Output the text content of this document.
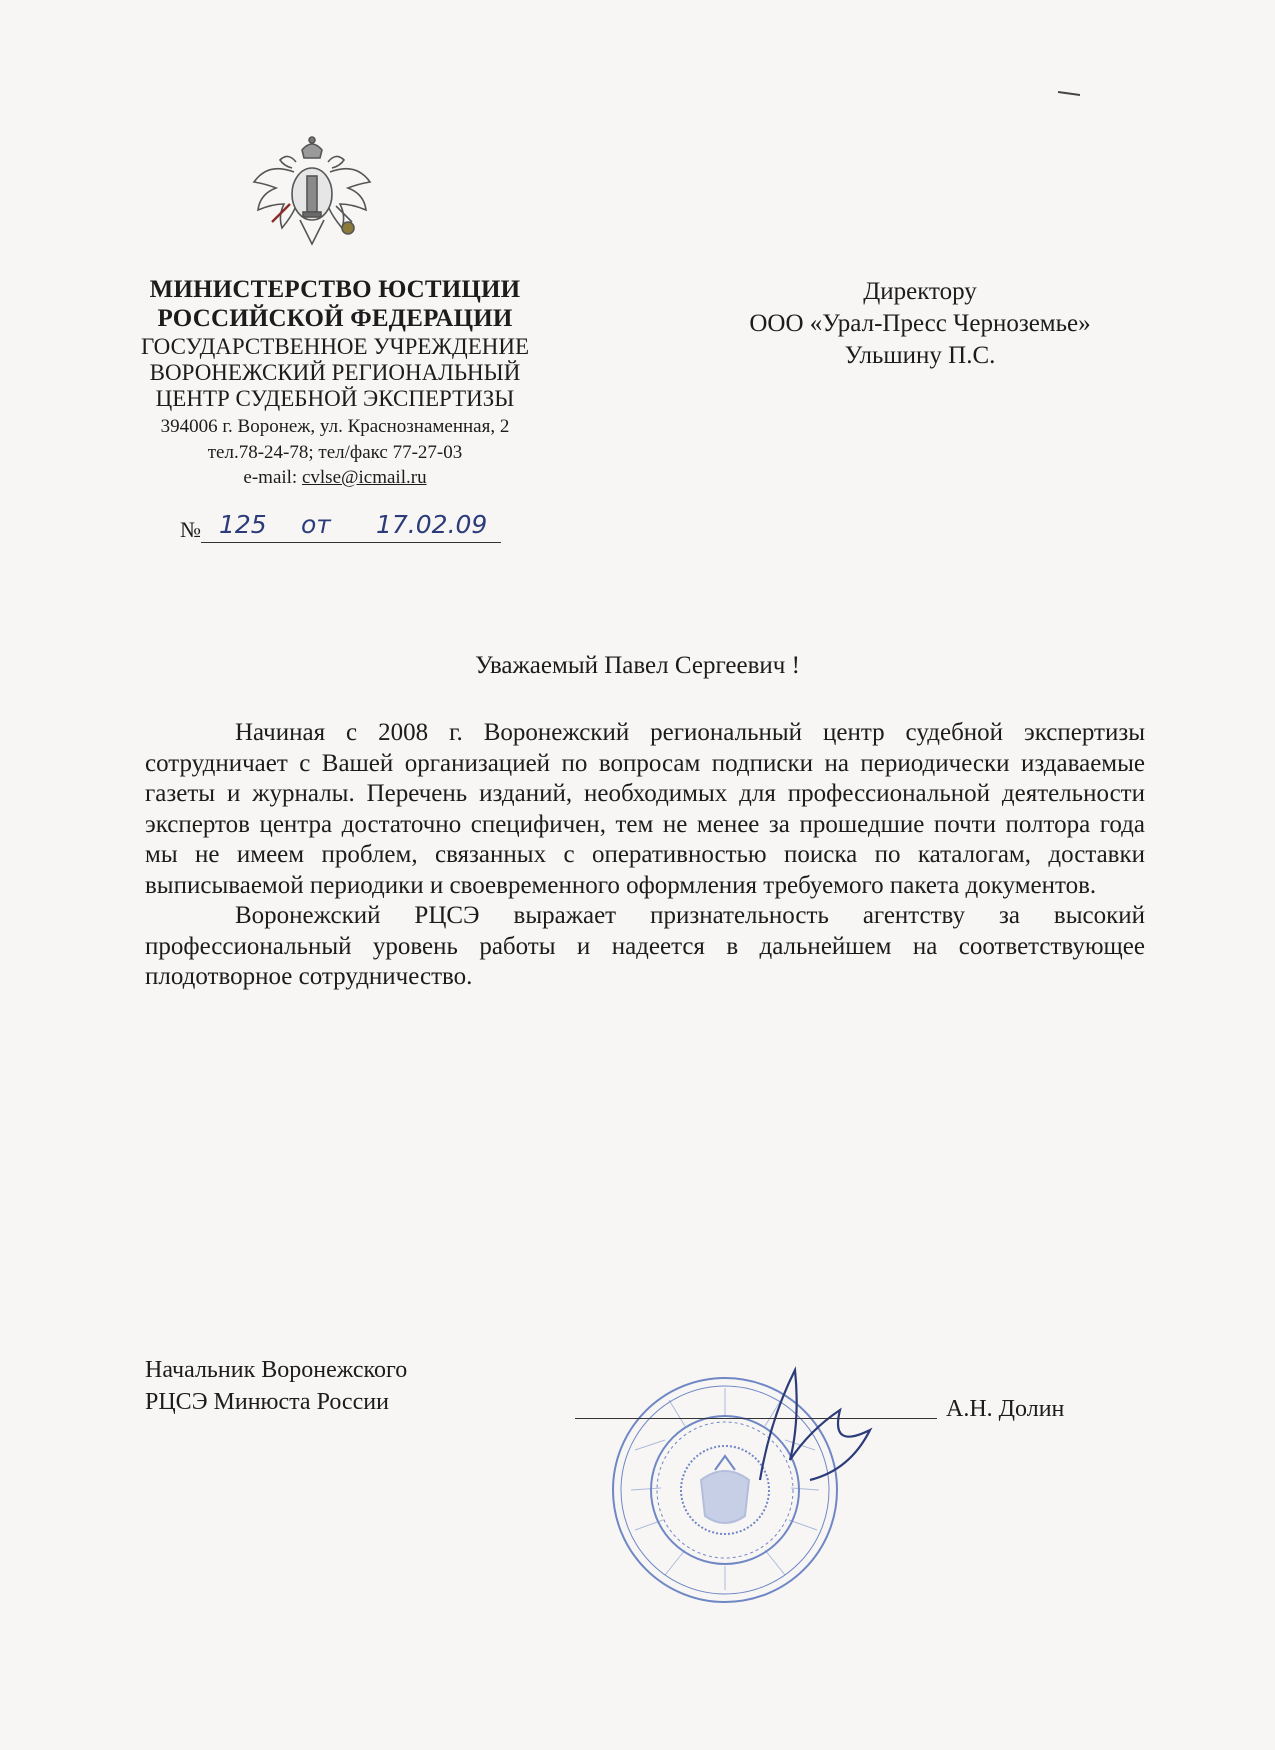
МИНИСТЕРСТВО ЮСТИЦИИ
РОССИЙСКОЙ ФЕДЕРАЦИИ
ГОСУДАРСТВЕННОЕ УЧРЕЖДЕНИЕ
ВОРОНЕЖСКИЙ РЕГИОНАЛЬНЫЙ
ЦЕНТР СУДЕБНОЙ ЭКСПЕРТИЗЫ
394006 г. Воронеж, ул. Краснознаменная, 2
тел.78-24-78; тел/факс 77-27-03
e-mail: cvlse@icmail.ru
№ 125 от 17.02.09
Директору
ООО «Урал-Пресс Черноземье»
Ульшину П.С.
Уважаемый Павел Сергеевич !

Начиная с 2008 г. Воронежский региональный центр судебной экспертизы сотрудничает с Вашей организацией по вопросам подписки на периодически издаваемые газеты и журналы. Перечень изданий, необходимых для профессиональной деятельности экспертов центра достаточно специфичен, тем не менее за прошедшие почти полтора года мы не имеем проблем, связанных с оперативностью поиска по каталогам, доставки выписываемой периодики и своевременного оформления требуемого пакета документов.

Воронежский РЦСЭ выражает признательность агентству за высокий профессиональный уровень работы и надеется в дальнейшем на соответствующее плодотворное сотрудничество.

Начальник Воронежского
РЦСЭ Минюста России	А.Н. Долин
